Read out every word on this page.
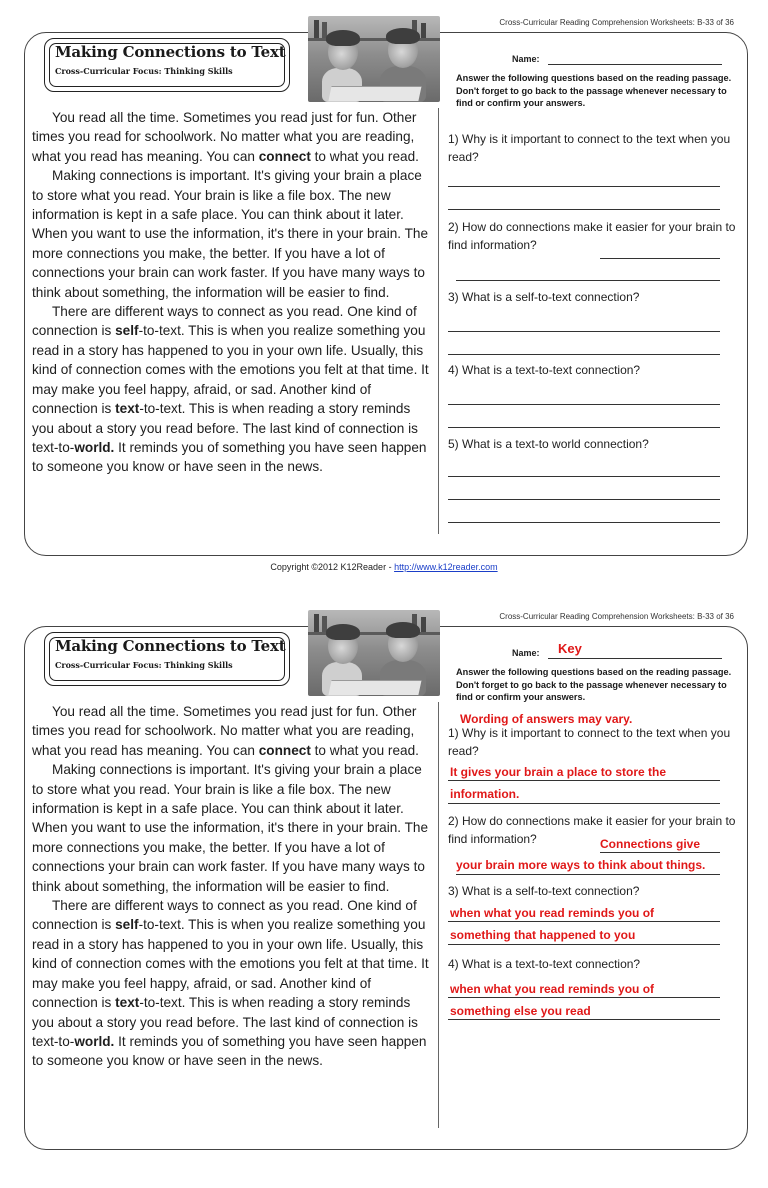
Cross-Curricular Reading Comprehension Worksheets: B-33 of 36
Making Connections to Text
Cross-Curricular Focus: Thinking Skills
Name:
Answer the following questions based on the reading passage. Don't forget to go back to the passage whenever necessary to find or confirm your answers.

You read all the time. Sometimes you read just for fun. Other times you read for schoolwork. No matter what you are reading, what you read has meaning. You can connect to what you read.

Making connections is important. It's giving your brain a place to store what you read. Your brain is like a file box. The new information is kept in a safe place. You can think about it later. When you want to use the information, it's there in your brain. The more connections you make, the better. If you have a lot of connections your brain can work faster. If you have many ways to think about something, the information will be easier to find.

There are different ways to connect as you read. One kind of connection is self-to-text. This is when you realize something you read in a story has happened to you in your own life. Usually, this kind of connection comes with the emotions you felt at that time. It may make you feel happy, afraid, or sad. Another kind of connection is text-to-text. This is when reading a story reminds you about a story you read before. The last kind of connection is text-to-world. It reminds you of something you have seen happen to someone you know or have seen in the news.

1) Why is it important to connect to the text when you read?
2) How do connections make it easier for your brain to find information?
3) What is a self-to-text connection?
4) What is a text-to-text connection?
5) What is a text-to world connection?
Copyright ©2012 K12Reader - http://www.k12reader.com
Cross-Curricular Reading Comprehension Worksheets: B-33 of 36
Making Connections to Text
Cross-Curricular Focus: Thinking Skills
Name: Key
Answer the following questions based on the reading passage. Don't forget to go back to the passage whenever necessary to find or confirm your answers.
Wording of answers may vary.

You read all the time. Sometimes you read just for fun. Other times you read for schoolwork. No matter what you are reading, what you read has meaning. You can connect to what you read.

Making connections is important. It's giving your brain a place to store what you read. Your brain is like a file box. The new information is kept in a safe place. You can think about it later. When you want to use the information, it's there in your brain. The more connections you make, the better. If you have a lot of connections your brain can work faster. If you have many ways to think about something, the information will be easier to find.

There are different ways to connect as you read. One kind of connection is self-to-text. This is when you realize something you read in a story has happened to you in your own life. Usually, this kind of connection comes with the emotions you felt at that time. It may make you feel happy, afraid, or sad. Another kind of connection is text-to-text. This is when reading a story reminds you about a story you read before. The last kind of connection is text-to-world. It reminds you of something you have seen happen to someone you know or have seen in the news.

1) Why is it important to connect to the text when you read?
It gives your brain a place to store the
information.
2) How do connections make it easier for your brain to find information?	Connections give
your brain more ways to think about things.
3) What is a self-to-text connection?
when what you read reminds you of
something that happened to you
4) What is a text-to-text connection?
when what you read reminds you of
something else you read
